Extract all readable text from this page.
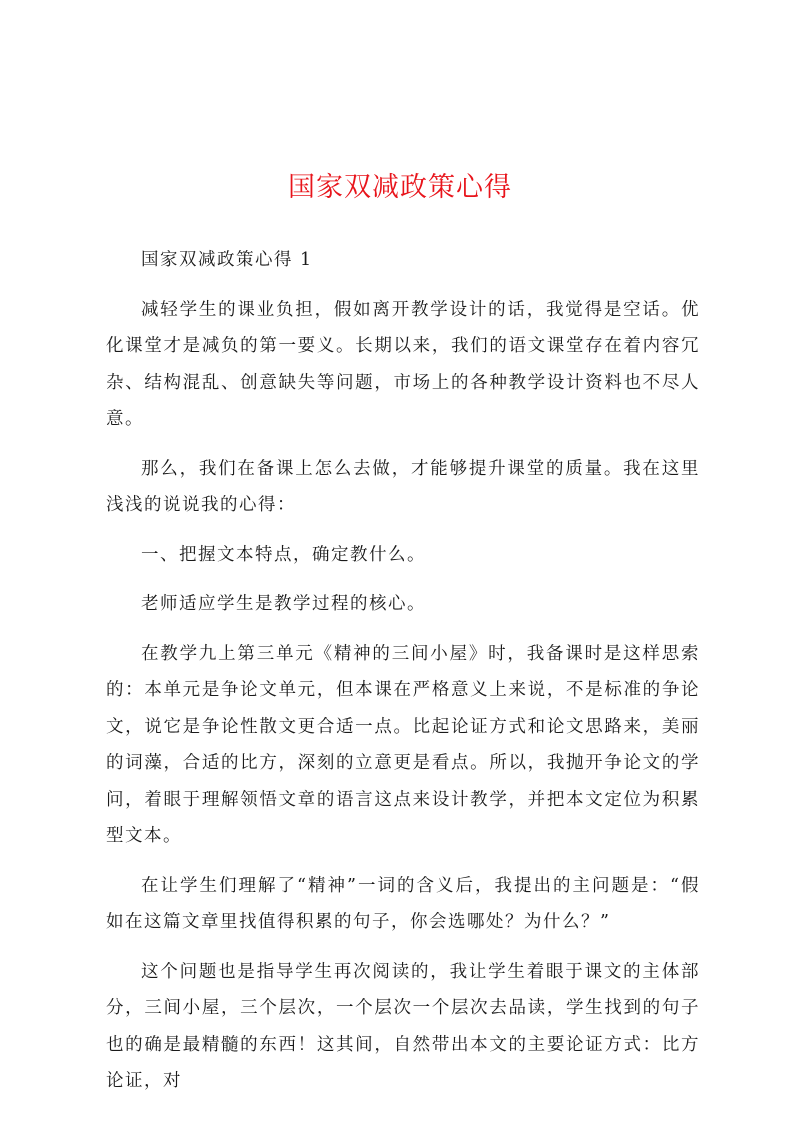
国家双减政策心得

国家双减政策心得 1

减轻学生的课业负担，假如离开教学设计的话，我觉得是空话。优化课堂才是减负的第一要义。长期以来，我们的语文课堂存在着内容冗杂、结构混乱、创意缺失等问题，市场上的各种教学设计资料也不尽人意。

那么，我们在备课上怎么去做，才能够提升课堂的质量。我在这里浅浅的说说我的心得：

一、把握文本特点，确定教什么。

老师适应学生是教学过程的核心。

在教学九上第三单元《精神的三间小屋》时，我备课时是这样思索的：本单元是争论文单元，但本课在严格意义上来说，不是标准的争论文，说它是争论性散文更合适一点。比起论证方式和论文思路来，美丽的词藻，合适的比方，深刻的立意更是看点。所以，我抛开争论文的学问，着眼于理解领悟文章的语言这点来设计教学，并把本文定位为积累型文本。

在让学生们理解了“精神”一词的含义后，我提出的主问题是：“假如在这篇文章里找值得积累的句子，你会选哪处？为什么？”

这个问题也是指导学生再次阅读的，我让学生着眼于课文的主体部分，三间小屋，三个层次，一个层次一个层次去品读，学生找到的句子也的确是最精髓的东西！这其间，自然带出本文的主要论证方式：比方论证，对
